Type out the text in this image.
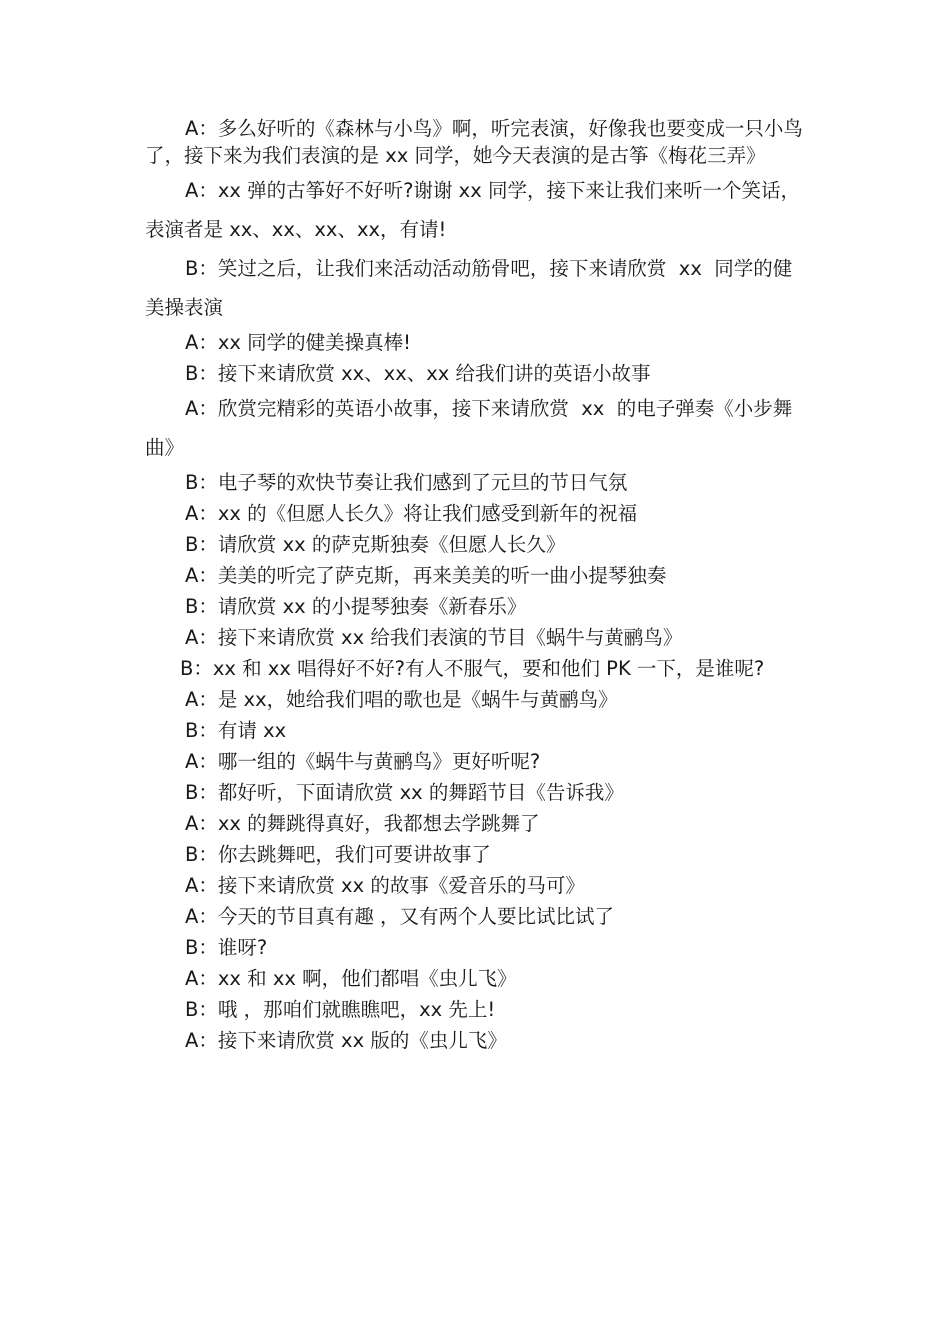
A：多么好听的《森林与小鸟》啊，听完表演，好像我也要变成一只小鸟了，接下来为我们表演的是 xx 同学，她今天表演的是古筝《梅花三弄》

A：xx 弹的古筝好不好听?谢谢 xx 同学，接下来让我们来听一个笑话，表演者是 xx、xx、xx、xx，有请!

B：笑过之后，让我们来活动活动筋骨吧，接下来请欣赏  xx  同学的健美操表演

A：xx 同学的健美操真棒!

B：接下来请欣赏 xx、xx、xx 给我们讲的英语小故事

A：欣赏完精彩的英语小故事，接下来请欣赏  xx  的电子弹奏《小步舞曲》

B：电子琴的欢快节奏让我们感到了元旦的节日气氛

A：xx 的《但愿人长久》将让我们感受到新年的祝福

B：请欣赏 xx 的萨克斯独奏《但愿人长久》

A：美美的听完了萨克斯，再来美美的听一曲小提琴独奏

B：请欣赏 xx 的小提琴独奏《新春乐》

A：接下来请欣赏 xx 给我们表演的节目《蜗牛与黄鹂鸟》

B：xx 和 xx 唱得好不好?有人不服气，要和他们 PK 一下，是谁呢?

A：是 xx，她给我们唱的歌也是《蜗牛与黄鹂鸟》

B：有请 xx

A：哪一组的《蜗牛与黄鹂鸟》更好听呢?

B：都好听，下面请欣赏 xx 的舞蹈节目《告诉我》

A：xx 的舞跳得真好，我都想去学跳舞了

B：你去跳舞吧，我们可要讲故事了

A：接下来请欣赏 xx 的故事《爱音乐的马可》

A：今天的节目真有趣 ，又有两个人要比试比试了

B：谁呀?

A：xx 和 xx 啊，他们都唱《虫儿飞》

B：哦 ，那咱们就瞧瞧吧，xx 先上!

A：接下来请欣赏 xx 版的《虫儿飞》
